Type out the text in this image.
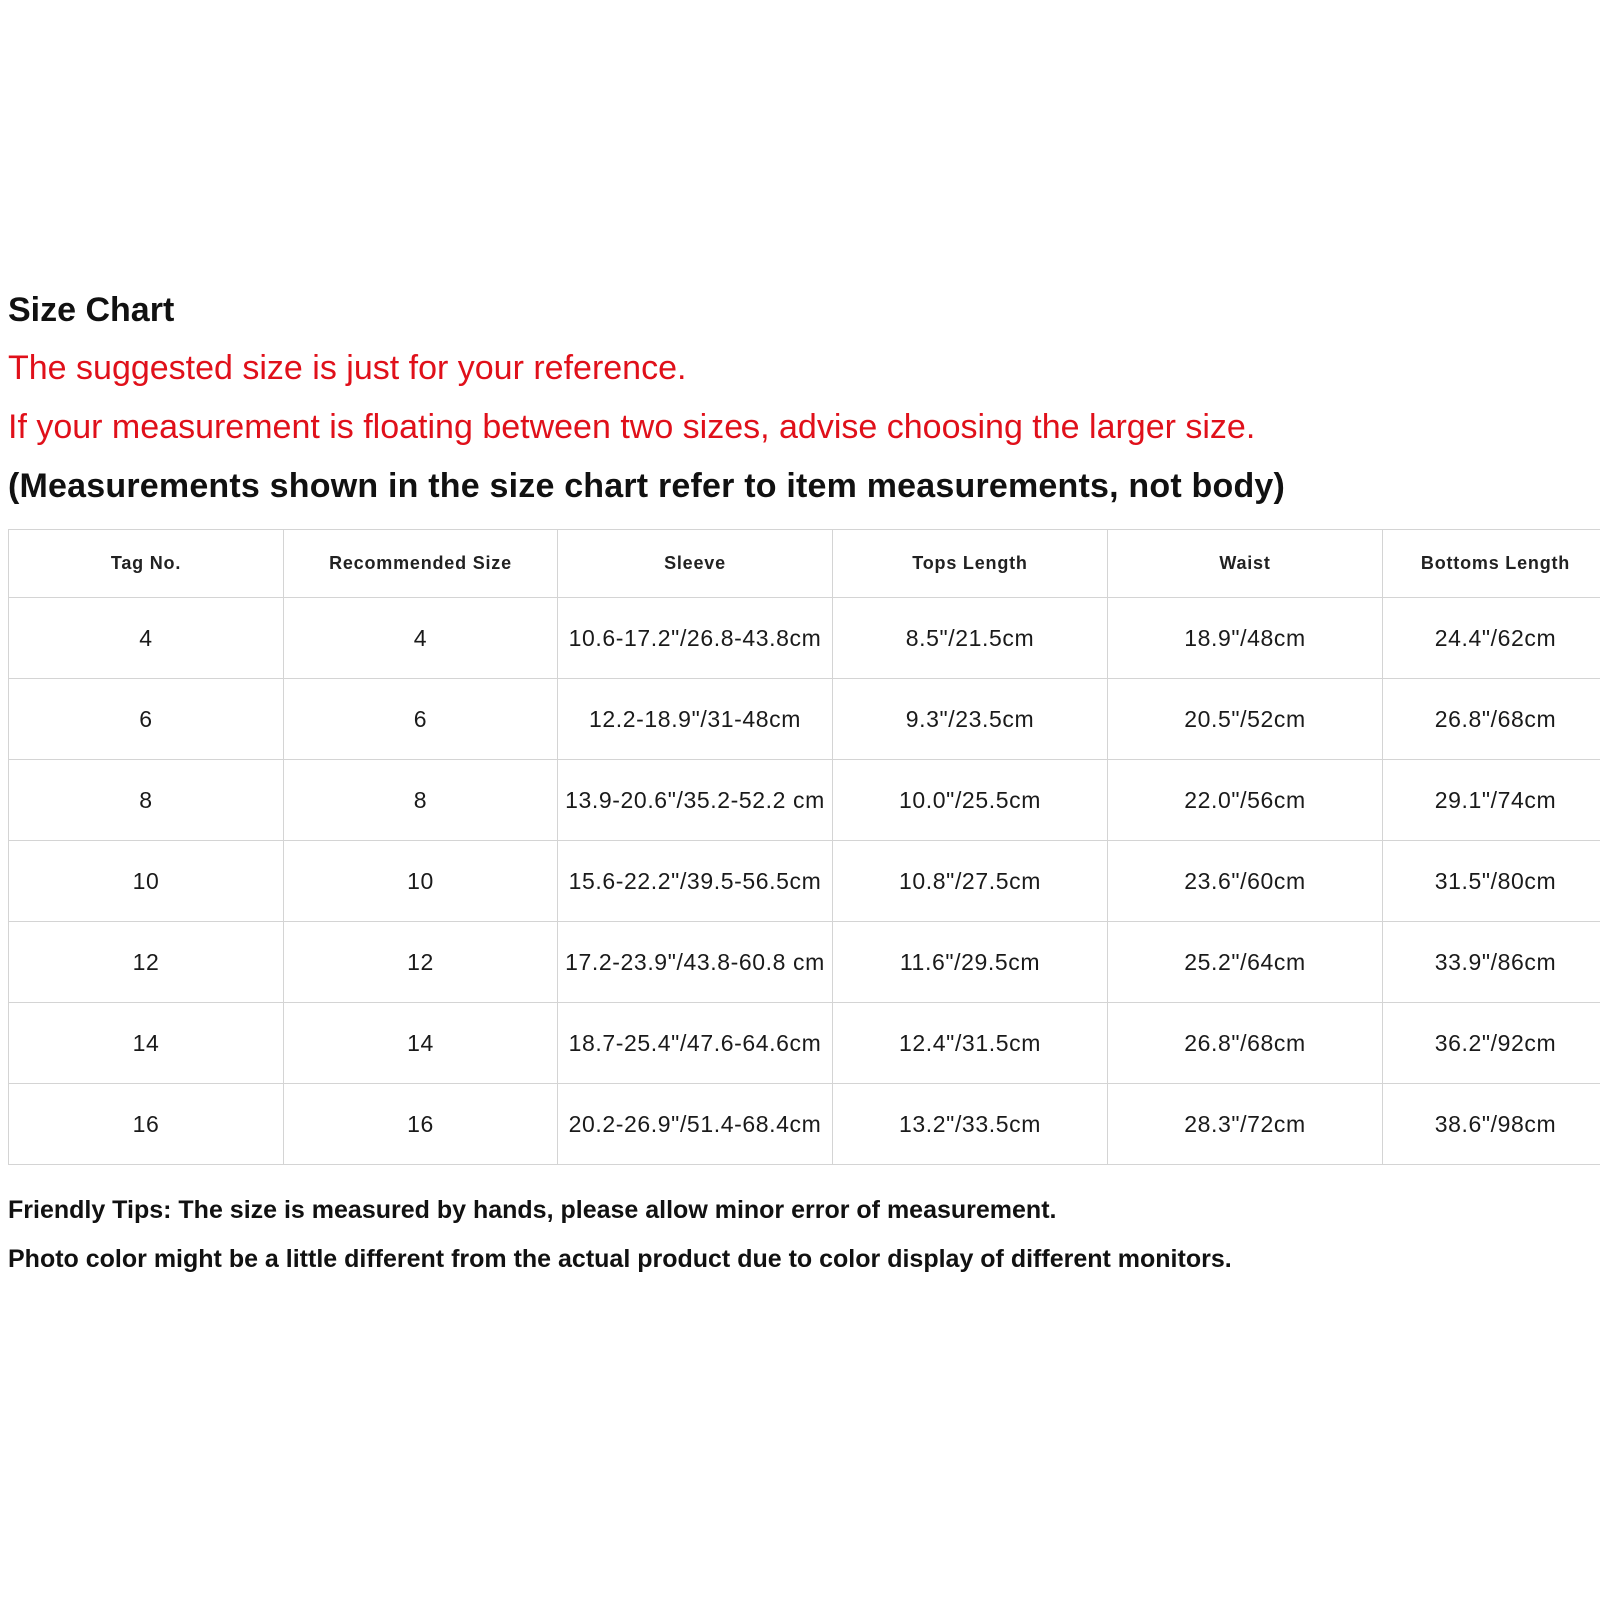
Size Chart
The suggested size is just for your reference.
If your measurement is floating between two sizes, advise choosing the larger size.
(Measurements shown in the size chart refer to item measurements, not body)
Tag No.	Recommended Size	Sleeve	Tops Length	Waist	Bottoms Length
4	4	10.6-17.2"/26.8-43.8cm	8.5"/21.5cm	18.9"/48cm	24.4"/62cm
6	6	12.2-18.9"/31-48cm	9.3"/23.5cm	20.5"/52cm	26.8"/68cm
8	8	13.9-20.6"/35.2-52.2 cm	10.0"/25.5cm	22.0"/56cm	29.1"/74cm
10	10	15.6-22.2"/39.5-56.5cm	10.8"/27.5cm	23.6"/60cm	31.5"/80cm
12	12	17.2-23.9"/43.8-60.8 cm	11.6"/29.5cm	25.2"/64cm	33.9"/86cm
14	14	18.7-25.4"/47.6-64.6cm	12.4"/31.5cm	26.8"/68cm	36.2"/92cm
16	16	20.2-26.9"/51.4-68.4cm	13.2"/33.5cm	28.3"/72cm	38.6"/98cm
Friendly Tips: The size is measured by hands, please allow minor error of measurement.
Photo color might be a little different from the actual product due to color display of different monitors.
